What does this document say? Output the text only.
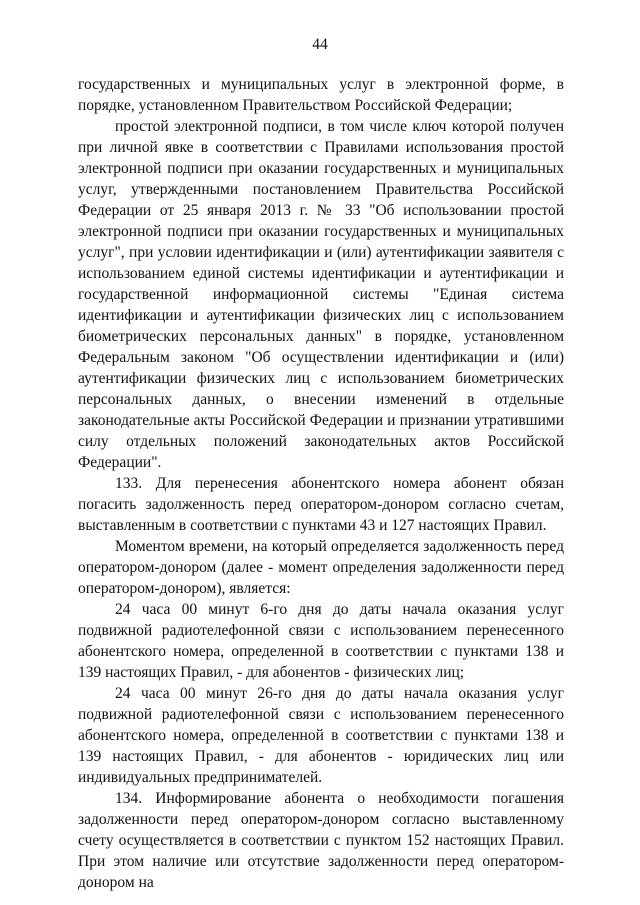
44

государственных и муниципальных услуг в электронной форме, в порядке, установленном Правительством Российской Федерации;

простой электронной подписи, в том числе ключ которой получен при личной явке в соответствии с Правилами использования простой электронной подписи при оказании государственных и муниципальных услуг, утвержденными постановлением Правительства Российской Федерации от 25 января 2013 г. № 33 "Об использовании простой электронной подписи при оказании государственных и муниципальных услуг", при условии идентификации и (или) аутентификации заявителя с использованием единой системы идентификации и аутентификации и государственной информационной системы "Единая система идентификации и аутентификации физических лиц с использованием биометрических персональных данных" в порядке, установленном Федеральным законом "Об осуществлении идентификации и (или) аутентификации физических лиц с использованием биометрических персональных данных, о внесении изменений в отдельные законодательные акты Российской Федерации и признании утратившими силу отдельных положений законодательных актов Российской Федерации".

133. Для перенесения абонентского номера абонент обязан погасить задолженность перед оператором-донором согласно счетам, выставленным в соответствии с пунктами 43 и 127 настоящих Правил.

Моментом времени, на который определяется задолженность перед оператором-донором (далее - момент определения задолженности перед оператором-донором), является:

24 часа 00 минут 6-го дня до даты начала оказания услуг подвижной радиотелефонной связи с использованием перенесенного абонентского номера, определенной в соответствии с пунктами 138 и 139 настоящих Правил, - для абонентов - физических лиц;

24 часа 00 минут 26-го дня до даты начала оказания услуг подвижной радиотелефонной связи с использованием перенесенного абонентского номера, определенной в соответствии с пунктами 138 и 139 настоящих Правил, - для абонентов - юридических лиц или индивидуальных предпринимателей.

134. Информирование абонента о необходимости погашения задолженности перед оператором-донором согласно выставленному счету осуществляется в соответствии с пунктом 152 настоящих Правил. При этом наличие или отсутствие задолженности перед оператором-донором на
